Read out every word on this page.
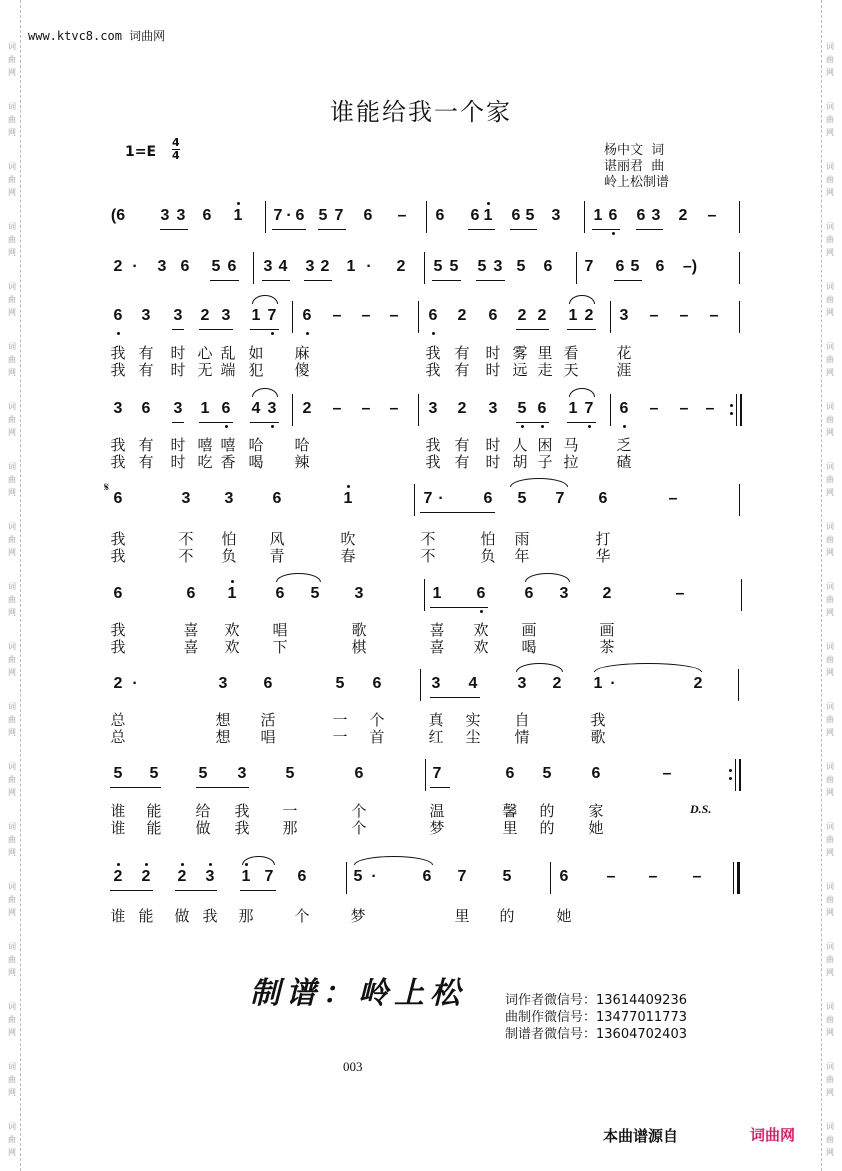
www.ktvc8.com 词曲网
谁能给我一个家
1=E
4
4	杨中文  词
谌丽君  曲
岭上松制谱
(6 3 3 6 1 7 · 6 5 7 6 – 6 6 1 6 5 3 1 6 6 3 2 –
2 · 3 6 5 6 3 4 3 2 1 · 2 5 5 5 3 5 6 7 6 5 6 –)
6 3 3 2 3 1 7 6 – – – 6 2 6 2 2 1 2 3 – – –
3 6 3 1 6 4 3 2 – – – 3 2 3 5 6 1 7 6 – – –
6	3 3 6	1	7 · 6 5 7 6	–
6	6 1 6 5 3	1 6 6 3 2	–
2 ·	3 6	5 6	3 4	3 2 1 ·	2
5 5	5 3 5	6	7	6 5	6	–
2 2 2 3 1 7 6	5 ·	6 7 5	6 – – –
我 有 时 心 乱 如 麻	我 有 时 雾 里 看	花
我 有 时 无 端 犯 傻	我 有 时 远 走 天	涯
我 有 时 嘻 嘻 哈 哈	我 有 时 人 困 马	乏
我 有 时 吃 香 喝 辣	我 有 时 胡 子 拉	碴
我	不 怕 风	吹	不	怕 雨	打
我	不 负 青	春	不	负 年	华
我	喜 欢 唱	歌	喜 欢 画	画
我	喜 欢 下	棋	喜 欢 喝	茶
总	想 活	一 个	真 实 自	我
总	想 唱	一 首	红 尘 情	歌
谁 能 给 我 一	个	温	馨 的 家
谁 能 做 我 那	个	梦	里 的 她
谁 能 做 我 那	个	梦	里 的	她
𝄋
D.S.
制谱：岭上松	词作者微信号：13614409236
曲制作微信号：13477011773
制谱者微信号：13604702403
003
本曲谱源自	词曲网
词
曲
网
词
曲
网
词
曲
网
词
曲
网
词
曲
网
词
曲
网
词
曲
网
词
曲
网
词
曲
网
词
曲
网
词
曲
网
词
曲
网
词
曲
网
词
曲
网
词
曲
网
词
曲
网
词
曲
网
词
曲
网
词
曲
网
词
曲
网
词
曲
网
词
曲
网
词
曲
网
词
曲
网
词
曲
网
词
曲
网
词
曲
网
词
曲
网
词
曲
网
词
曲
网
词
曲
网
词
曲
网
词
曲
网
词
曲
网
词
曲
网
词
曲
网
词
曲
网
词
曲
网
